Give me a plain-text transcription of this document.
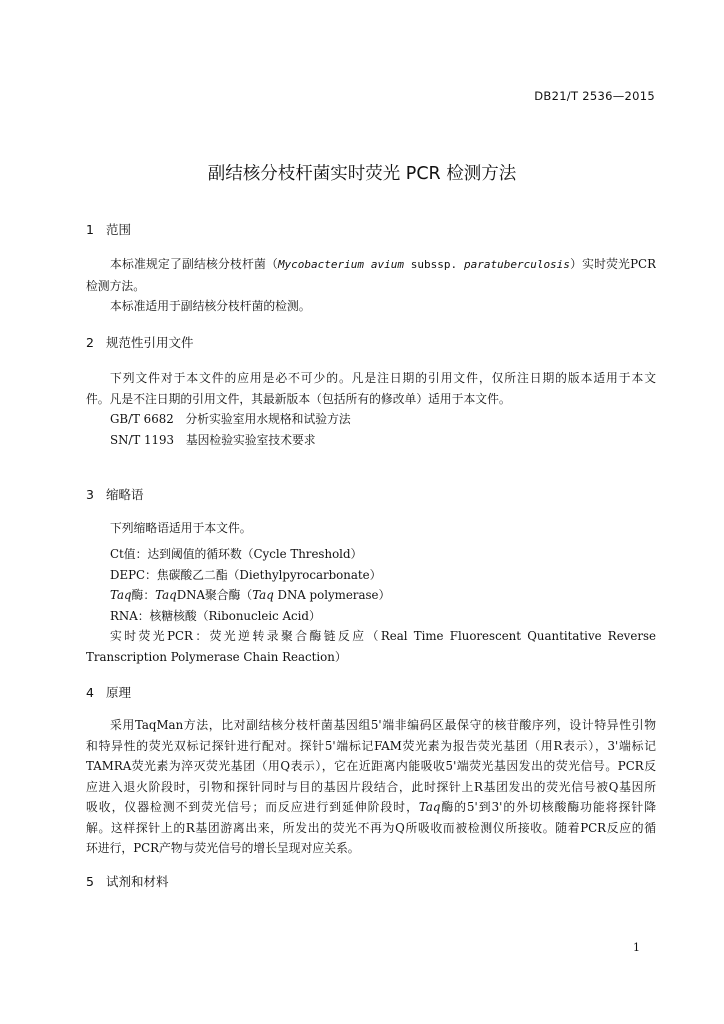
DB21/T 2536—2015
副结核分枝杆菌实时荧光 PCR 检测方法
1 范围
本标准规定了副结核分枝杆菌（Mycobacterium avium subssp. paratuberculosis）实时荧光PCR
检测方法。
本标准适用于副结核分枝杆菌的检测。
2 规范性引用文件
下列文件对于本文件的应用是必不可少的。凡是注日期的引用文件，仅所注日期的版本适用于本文
件。凡是不注日期的引用文件，其最新版本（包括所有的修改单）适用于本文件。
GB/T 6682　分析实验室用水规格和试验方法
SN/T 1193　基因检验实验室技术要求
3 缩略语
下列缩略语适用于本文件。
Ct值：达到阈值的循环数（Cycle Threshold）
DEPC：焦碳酸乙二酯（Diethylpyrocarbonate）
Taq酶：TaqDNA聚合酶（Taq DNA polymerase）
RNA：核糖核酸（Ribonucleic Acid）
实时荧光PCR：荧光逆转录聚合酶链反应（Real Time Fluorescent Quantitative Reverse
Transcription Polymerase Chain Reaction）
4 原理
采用TaqMan方法，比对副结核分枝杆菌基因组5'端非编码区最保守的核苷酸序列，设计特异性引物
和特异性的荧光双标记探针进行配对。探针5'端标记FAM荧光素为报告荧光基团（用R表示），3'端标记
TAMRA荧光素为淬灭荧光基团（用Q表示），它在近距离内能吸收5'端荧光基因发出的荧光信号。PCR反
应进入退火阶段时，引物和探针同时与目的基因片段结合，此时探针上R基团发出的荧光信号被Q基因所
吸收，仪器检测不到荧光信号；而反应进行到延伸阶段时，Taq酶的5'到3'的外切核酸酶功能将探针降
解。这样探针上的R基团游离出来，所发出的荧光不再为Q所吸收而被检测仪所接收。随着PCR反应的循
环进行，PCR产物与荧光信号的增长呈现对应关系。
5 试剂和材料
1
